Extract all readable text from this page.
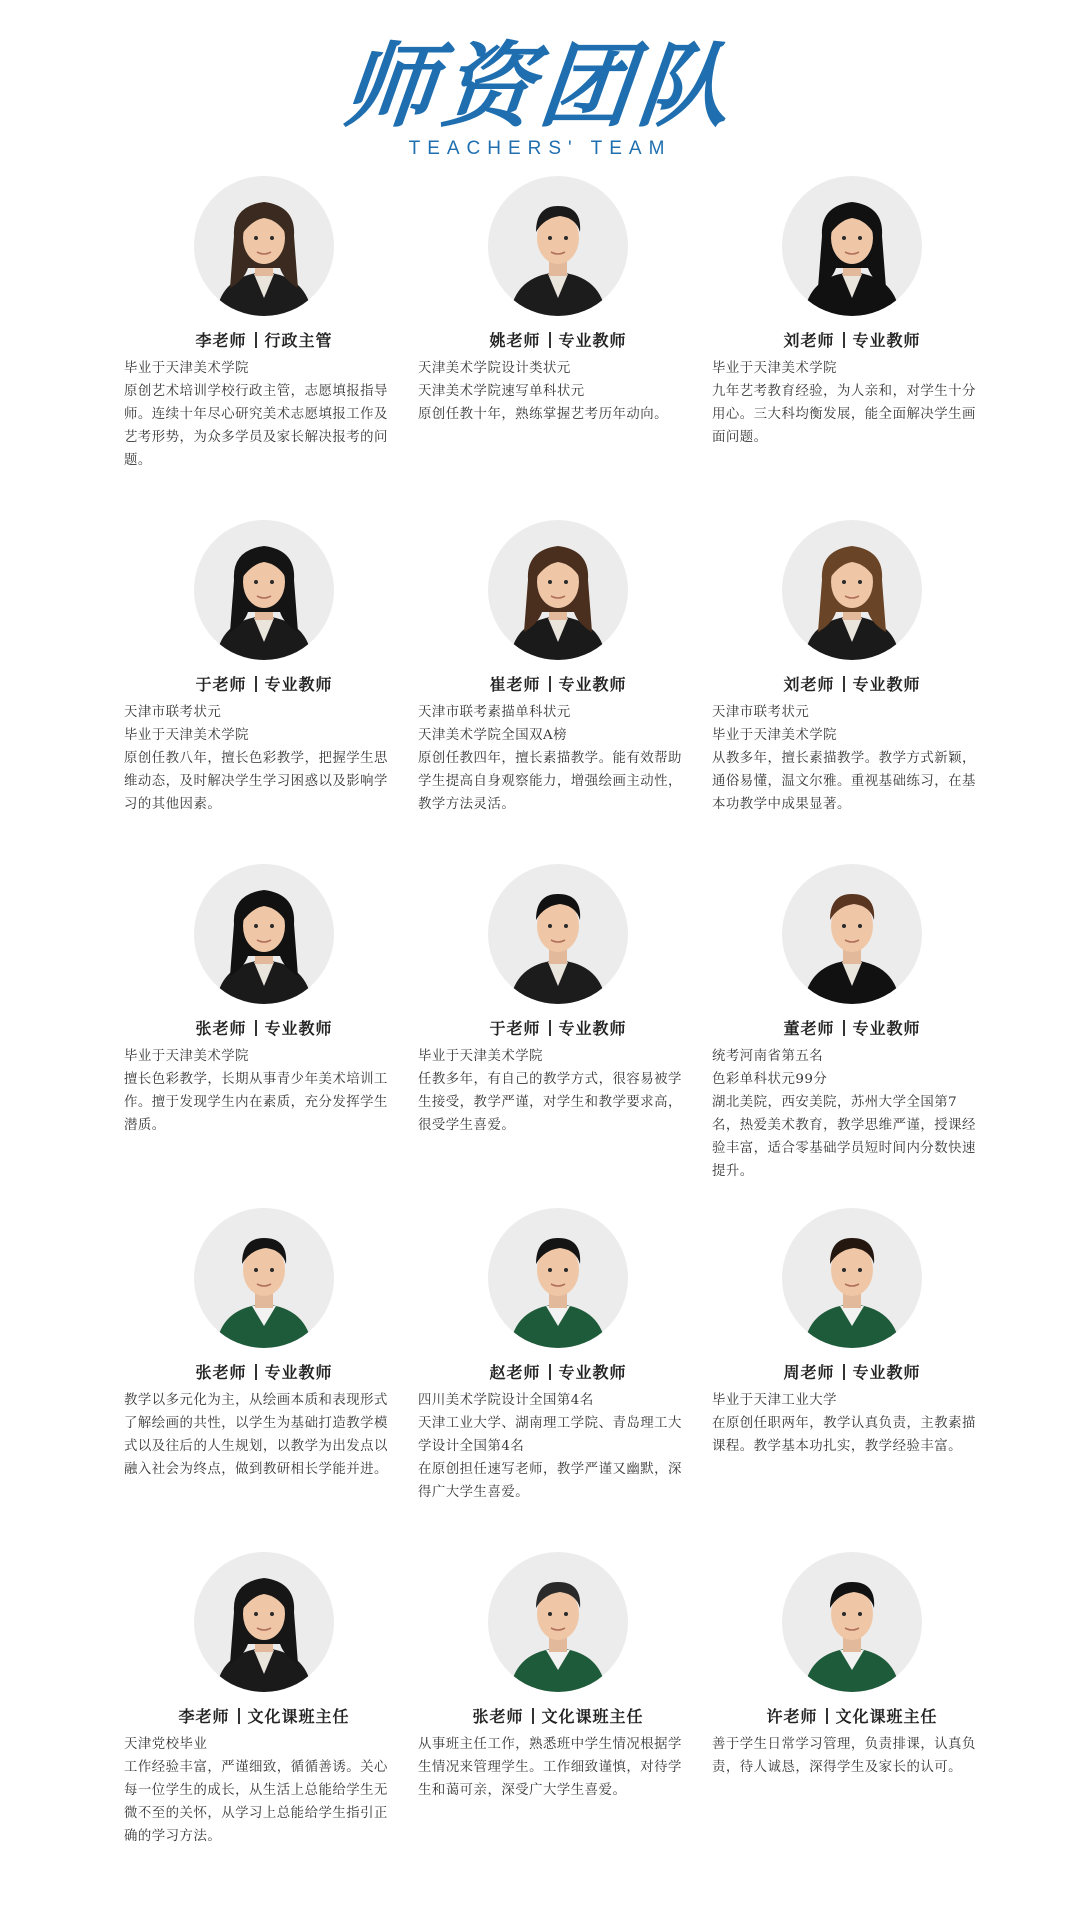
师资团队
TEACHERS' TEAM
李老师 行政主管
毕业于天津美术学院
原创艺术培训学校行政主管，志愿填报指导师。连续十年尽心研究美术志愿填报工作及艺考形势，为众多学员及家长解决报考的问题。
姚老师 专业教师
天津美术学院设计类状元
天津美术学院速写单科状元
原创任教十年，熟练掌握艺考历年动向。
刘老师 专业教师
毕业于天津美术学院
九年艺考教育经验，为人亲和，对学生十分用心。三大科均衡发展，能全面解决学生画面问题。
于老师 专业教师
天津市联考状元
毕业于天津美术学院
原创任教八年，擅长色彩教学，把握学生思维动态，及时解决学生学习困惑以及影响学习的其他因素。
崔老师 专业教师
天津市联考素描单科状元
天津美术学院全国双A榜
原创任教四年，擅长素描教学。能有效帮助学生提高自身观察能力，增强绘画主动性，教学方法灵活。
刘老师 专业教师
天津市联考状元
毕业于天津美术学院
从教多年，擅长素描教学。教学方式新颖，通俗易懂，温文尔雅。重视基础练习，在基本功教学中成果显著。
张老师 专业教师
毕业于天津美术学院
擅长色彩教学，长期从事青少年美术培训工作。擅于发现学生内在素质，充分发挥学生潜质。
于老师 专业教师
毕业于天津美术学院
任教多年，有自己的教学方式，很容易被学生接受，教学严谨，对学生和教学要求高，很受学生喜爱。
董老师 专业教师
统考河南省第五名
色彩单科状元99分
湖北美院，西安美院，苏州大学全国第7名，热爱美术教育，教学思维严谨，授课经验丰富，适合零基础学员短时间内分数快速提升。
张老师 专业教师
教学以多元化为主，从绘画本质和表现形式了解绘画的共性，以学生为基础打造教学模式以及往后的人生规划，以教学为出发点以融入社会为终点，做到教研相长学能并进。
赵老师 专业教师
四川美术学院设计全国第4名
天津工业大学、湖南理工学院、青岛理工大学设计全国第4名
在原创担任速写老师，教学严谨又幽默，深得广大学生喜爱。
周老师 专业教师
毕业于天津工业大学
在原创任职两年，教学认真负责，主教素描课程。教学基本功扎实，教学经验丰富。
李老师 文化课班主任
天津党校毕业
工作经验丰富，严谨细致，循循善诱。关心每一位学生的成长，从生活上总能给学生无微不至的关怀，从学习上总能给学生指引正确的学习方法。
张老师 文化课班主任
从事班主任工作，熟悉班中学生情况根据学生情况来管理学生。工作细致谨慎，对待学生和蔼可亲，深受广大学生喜爱。
许老师 文化课班主任
善于学生日常学习管理，负责排课，认真负责，待人诚恳，深得学生及家长的认可。
